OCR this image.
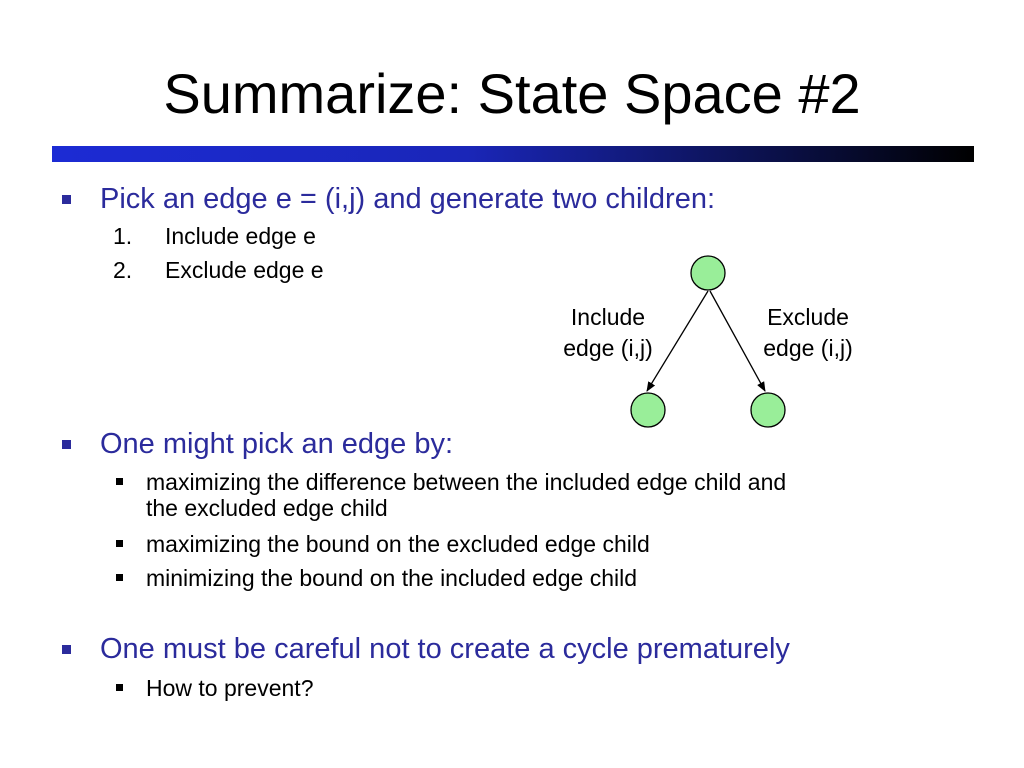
Summarize: State Space #2
Pick an edge e = (i,j) and generate two children:
1. Include edge e
2. Exclude edge e
Include
edge (i,j)
Exclude
edge (i,j)
One might pick an edge by:
maximizing the difference between the included edge child and
the excluded edge child
maximizing the bound on the excluded edge child
minimizing the bound on the included edge child
One must be careful not to create a cycle prematurely
How to prevent?
